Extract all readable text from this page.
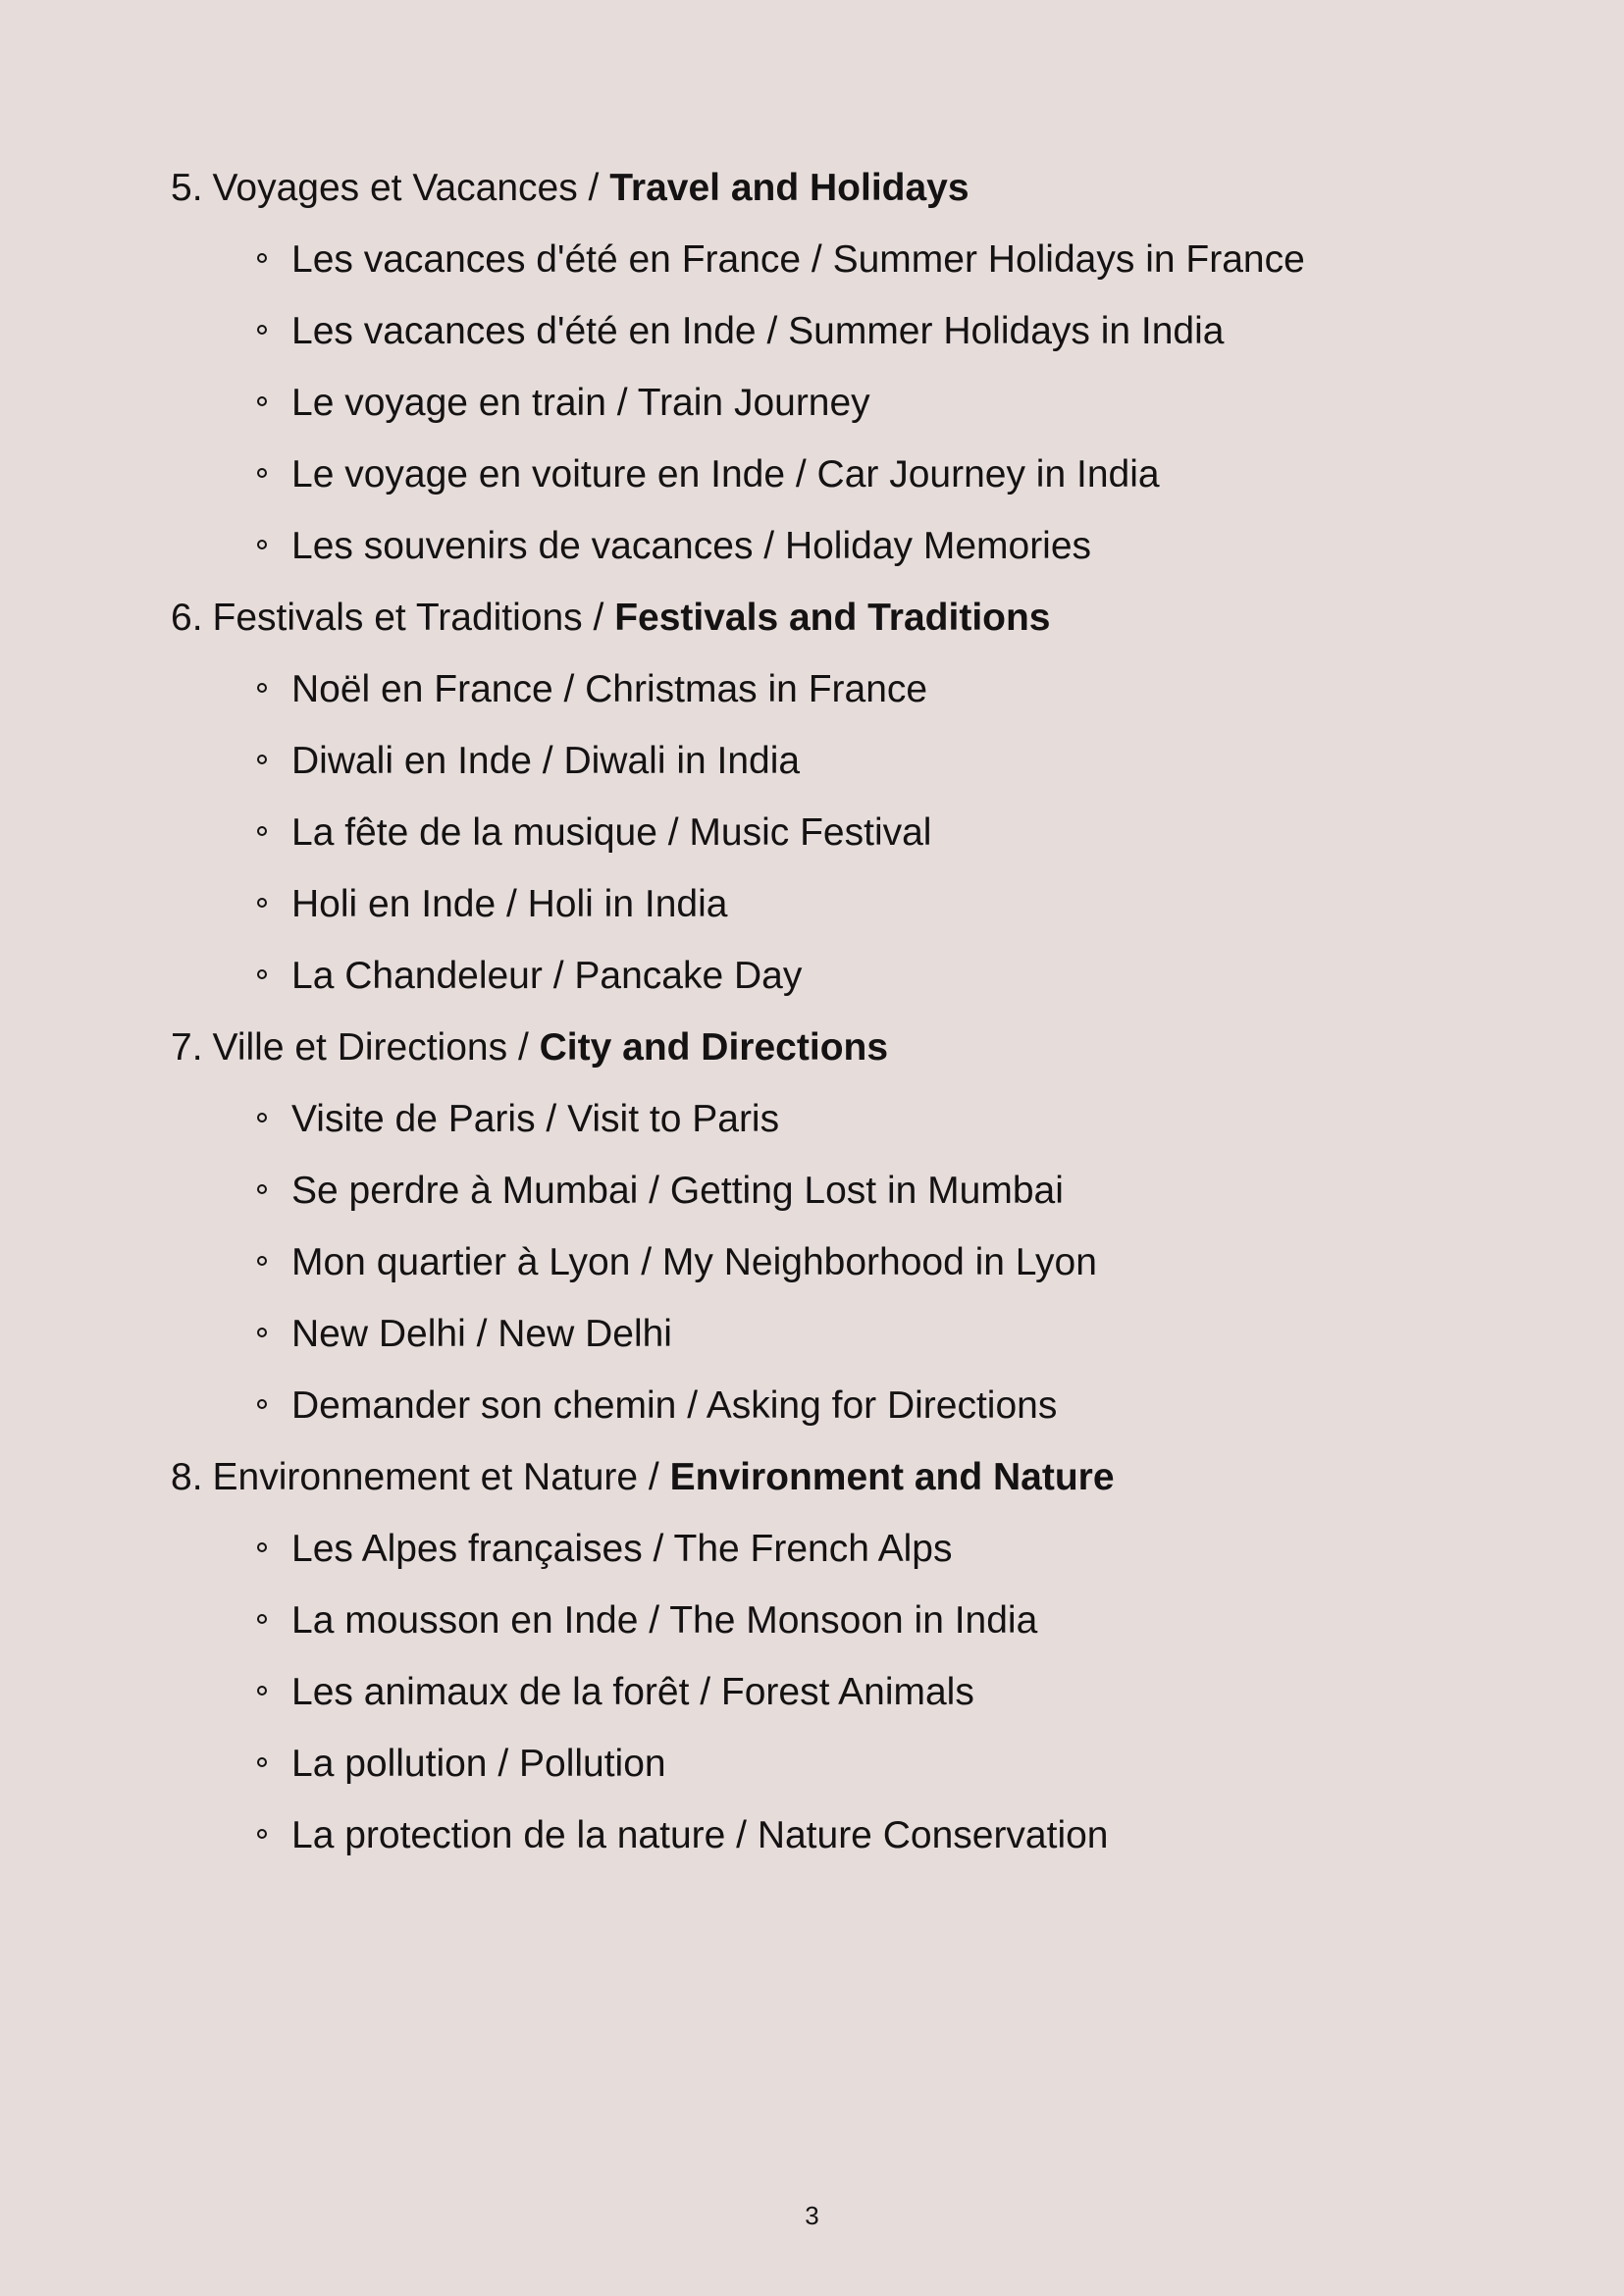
5. Voyages et Vacances / Travel and Holidays
Les vacances d'été en France / Summer Holidays in France
Les vacances d'été en Inde / Summer Holidays in India
Le voyage en train / Train Journey
Le voyage en voiture en Inde / Car Journey in India
Les souvenirs de vacances / Holiday Memories
6. Festivals et Traditions / Festivals and Traditions
Noël en France / Christmas in France
Diwali en Inde / Diwali in India
La fête de la musique / Music Festival
Holi en Inde / Holi in India
La Chandeleur / Pancake Day
7. Ville et Directions / City and Directions
Visite de Paris / Visit to Paris
Se perdre à Mumbai / Getting Lost in Mumbai
Mon quartier à Lyon / My Neighborhood in Lyon
New Delhi / New Delhi
Demander son chemin / Asking for Directions
8. Environnement et Nature / Environment and Nature
Les Alpes françaises / The French Alps
La mousson en Inde / The Monsoon in India
Les animaux de la forêt / Forest Animals
La pollution / Pollution
La protection de la nature / Nature Conservation
3
